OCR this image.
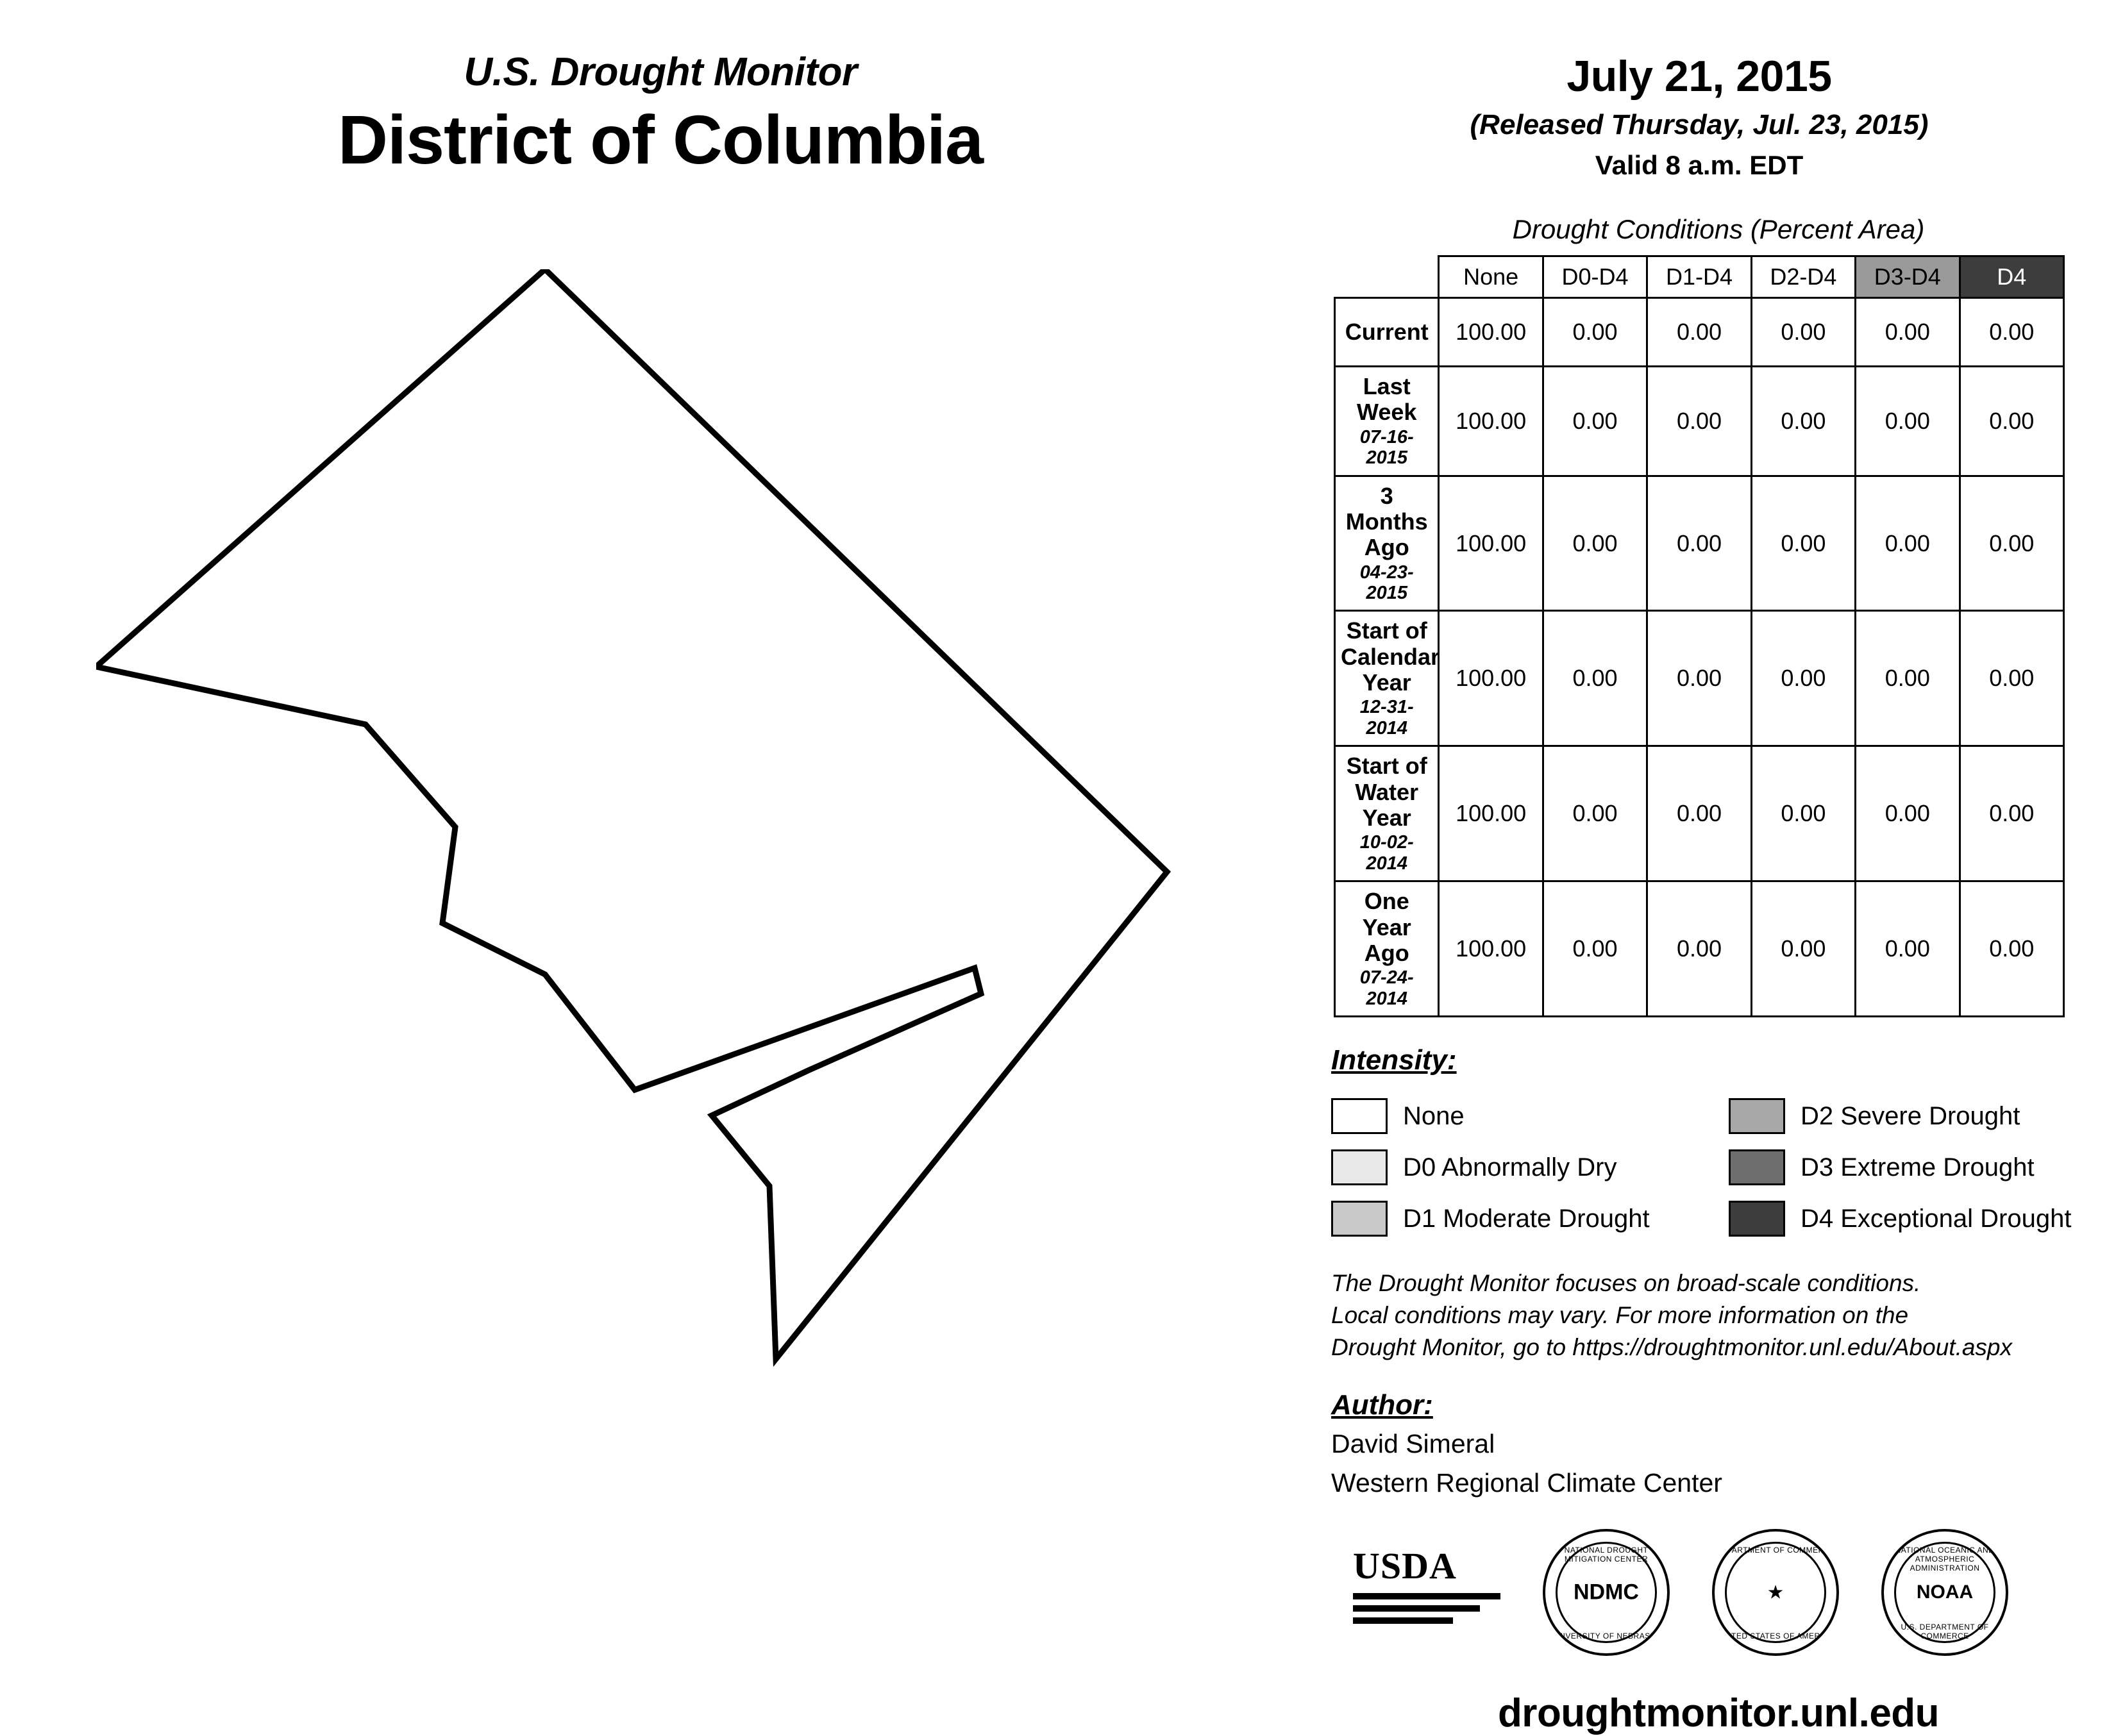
U.S. Drought Monitor
District of Columbia
July 21, 2015
(Released Thursday, Jul. 23, 2015)
Valid 8 a.m. EDT
Drought Conditions (Percent Area)
	None	D0-D4	D1-D4	D2-D4	D3-D4	D4

Current	100.00	0.00	0.00	0.00	0.00	0.00

Last Week
07-16-2015	100.00	0.00	0.00	0.00	0.00	0.00

3 Months Ago
04-23-2015	100.00	0.00	0.00	0.00	0.00	0.00

Start of
Calendar Year
12-31-2014	100.00	0.00	0.00	0.00	0.00	0.00

Start of
Water Year
10-02-2014	100.00	0.00	0.00	0.00	0.00	0.00

One Year Ago
07-24-2014	100.00	0.00	0.00	0.00	0.00	0.00
Intensity:
None	D2 Severe Drought
D0 Abnormally Dry	D3 Extreme Drought
D1 Moderate Drought	D4 Exceptional Drought
The Drought Monitor focuses on broad-scale conditions.
Local conditions may vary. For more information on the
Drought Monitor, go to https://droughtmonitor.unl.edu/About.aspx
Author:
David Simeral
Western Regional Climate Center
USDA	NATIONAL DROUGHT MITIGATION CENTER
NDMC
UNIVERSITY OF NEBRASKA
DEPARTMENT OF COMMERCE
★
UNITED STATES OF AMERICA
NATIONAL OCEANIC AND ATMOSPHERIC ADMINISTRATION
NOAA
U.S. DEPARTMENT OF COMMERCE
droughtmonitor.unl.edu
